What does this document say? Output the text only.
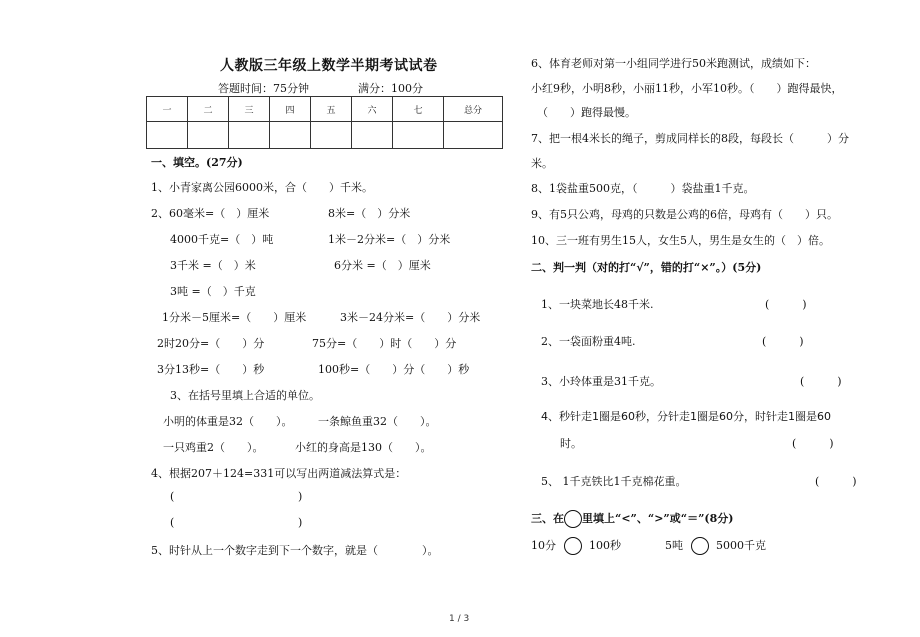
人教版三年级上数学半期考试试卷
答题时间：75分钟	满分：100分
一	二	三	四	五	六	七	总分

一、填空。(27分)
1、小青家离公园6000米，合（　　）千米。
2、60毫米=（　）厘米	8米=（　）分米
4000千克=（　）吨	1米－2分米=（　）分米
3千米 =（　）米	6分米 =（　）厘米
3吨 =（　）千克
1分米－5厘米=（　　）厘米	3米－24分米=（　　）分米
2时20分=（　　）分	75分=（　　）时（　　）分
3分13秒=（　　）秒	100秒=（　　）分（　　）秒
3、在括号里填上合适的单位。
小明的体重是32（　　）。 一条鲸鱼重32（　　）。
一只鸡重2（　　）。	小红的身高是130（　　）。
4、根据207＋124=331可以写出两道减法算式是：
(	)
(	)
5、时针从上一个数字走到下一个数字，就是（　　　　）。
6、体育老师对第一小组同学进行50米跑测试，成绩如下：
小红9秒，小明8秒，小丽11秒，小军10秒。（　　）跑得最快，
（　　）跑得最慢。
7、把一根4米长的绳子，剪成同样长的8段，每段长（　　　）分
米。
8、1袋盐重500克，（　　　）袋盐重1千克。
9、有5只公鸡，母鸡的只数是公鸡的6倍，母鸡有（　　）只。
10、三一班有男生15人，女生5人，男生是女生的（　）倍。
二、判一判（对的打“√”，错的打“×”。）(5分)
1、一块菜地长48千米.	(　　　)
2、一袋面粉重4吨.	(　　　)
3、小玲体重是31千克。	(　　　)
4、秒针走1圈是60秒，分针走1圈是60分，时针走1圈是60
时。	(　　　)
5、 1千克铁比1千克棉花重。	(　　　)
三、在 里填上“<”、“>”或“＝”(8分)
10分	100秒	5吨	5000千克
1 / 3
